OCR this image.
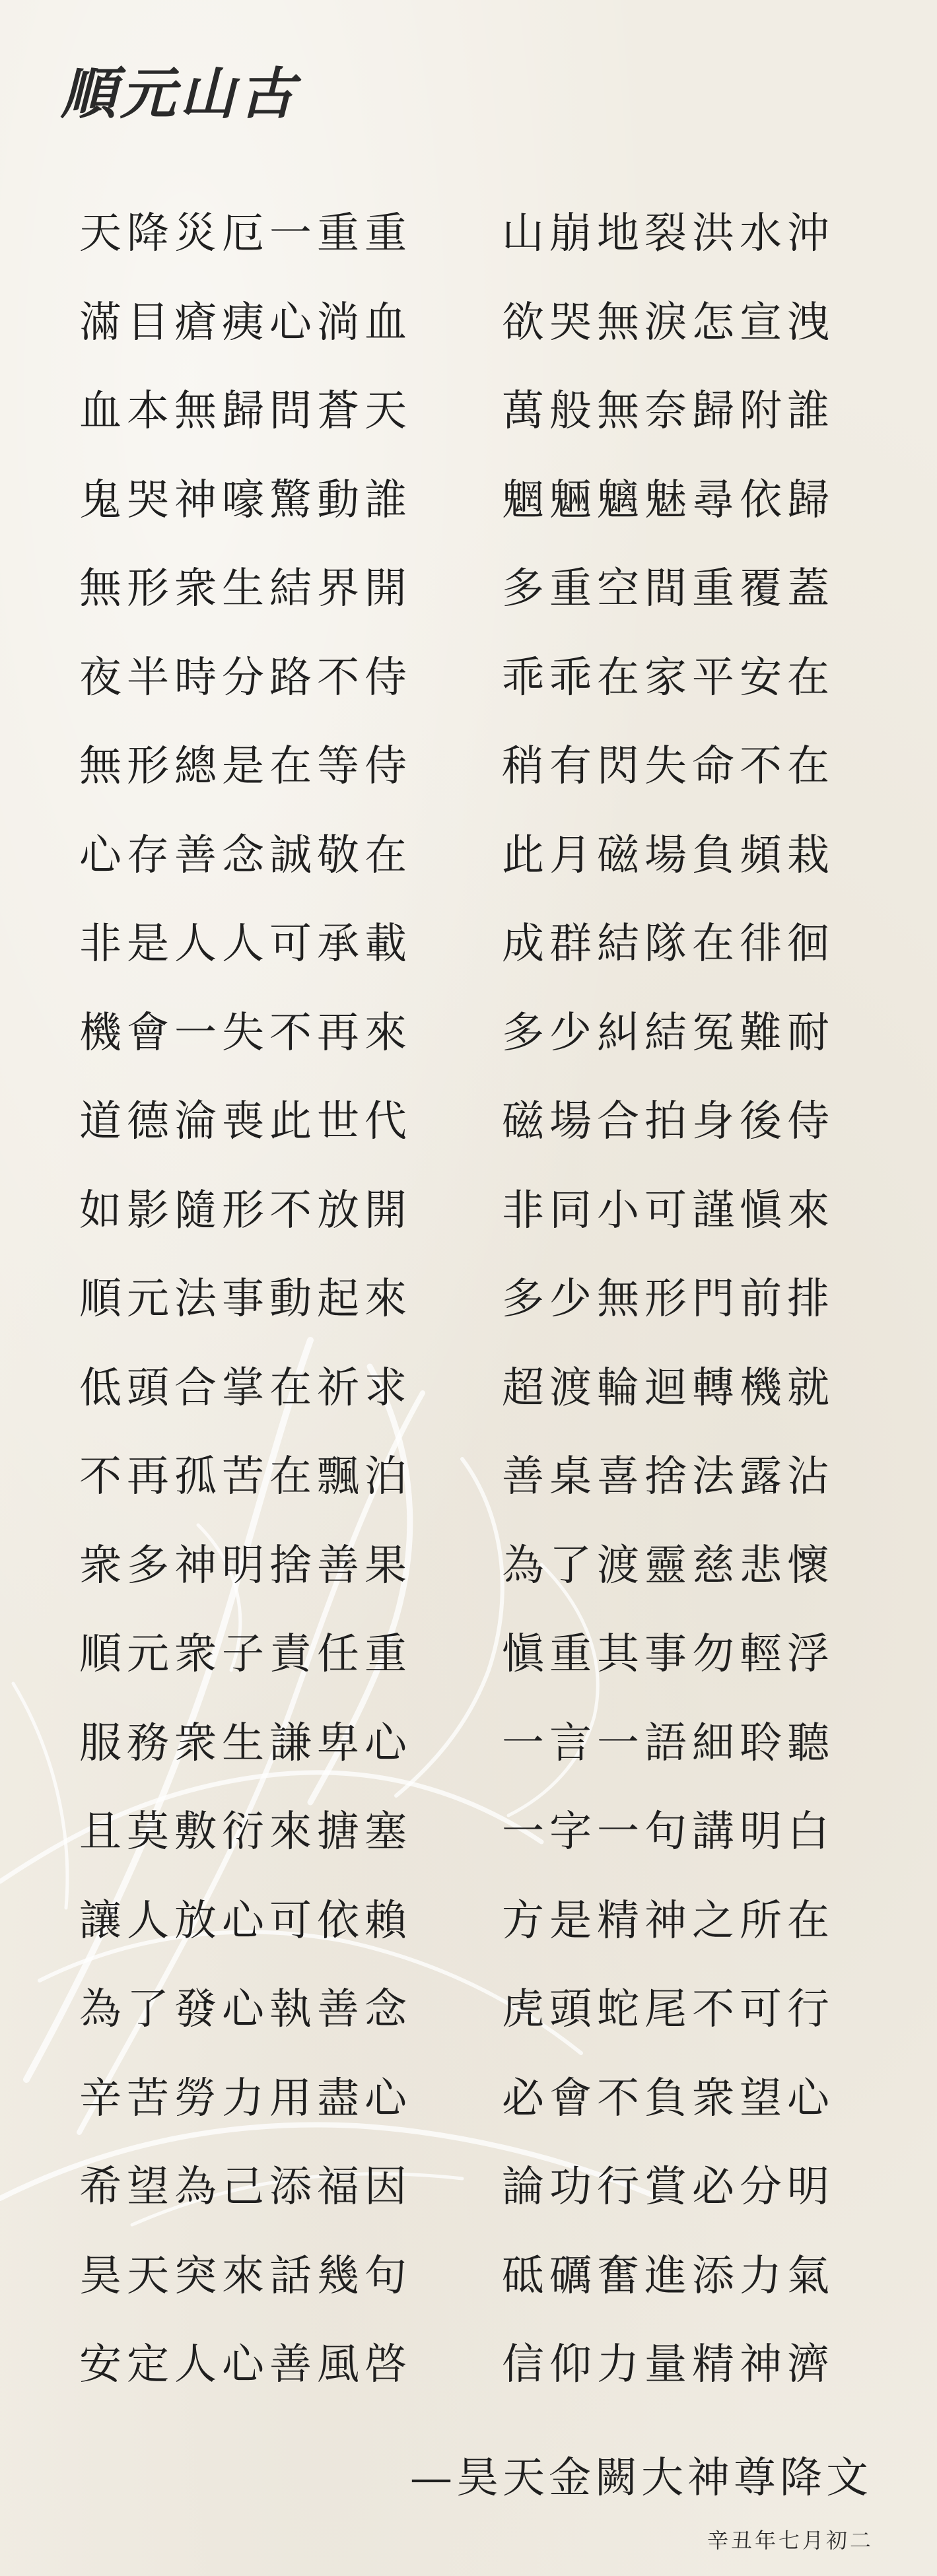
順元山古
天降災厄一重重	山崩地裂洪水沖
滿目瘡痍心淌血	欲哭無淚怎宣洩
血本無歸問蒼天	萬般無奈歸附誰
鬼哭神嚎驚動誰	魍魎魑魅尋依歸
無形衆生結界開	多重空間重覆蓋
夜半時分路不侍	乖乖在家平安在
無形總是在等侍	稍有閃失命不在
心存善念誠敬在	此月磁場負頻栽
非是人人可承載	成群結隊在徘徊
機會一失不再來	多少糾結冤難耐
道德淪喪此世代	磁場合拍身後侍
如影隨形不放開	非同小可謹愼來
順元法事動起來	多少無形門前排
低頭合掌在祈求	超渡輪迴轉機就
不再孤苦在飄泊	善桌喜捨法露沾
衆多神明捨善果	為了渡靈慈悲懷
順元衆子責任重	愼重其事勿輕浮
服務衆生謙卑心	一言一語細聆聽
且莫敷衍來搪塞	一字一句講明白
讓人放心可依賴	方是精神之所在
為了發心執善念	虎頭蛇尾不可行
辛苦勞力用盡心	必會不負衆望心
希望為己添福因	論功行賞必分明
昊天突來話幾句	砥礪奮進添力氣
安定人心善風啓	信仰力量精神濟
—昊天金闕大神尊降文
辛丑年七月初二
